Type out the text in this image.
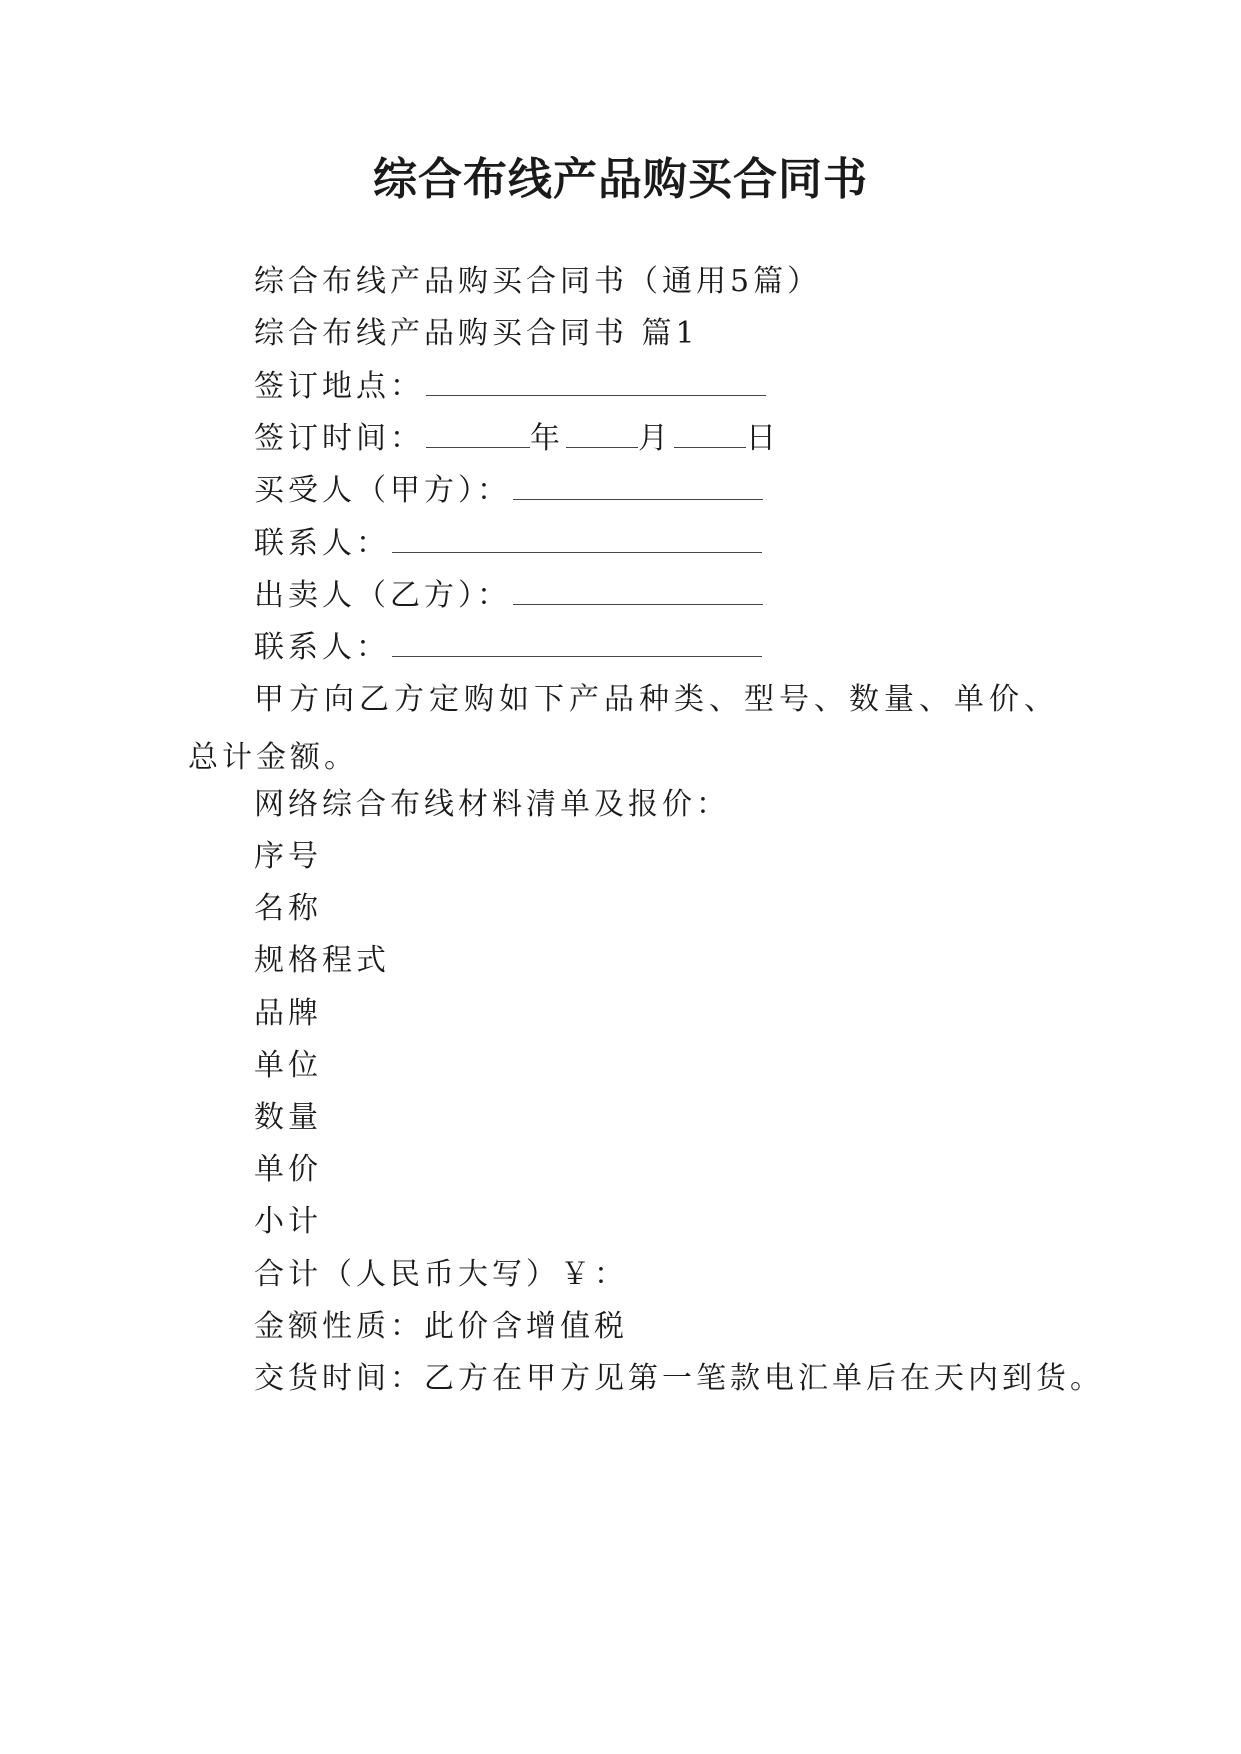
综合布线产品购买合同书
综合布线产品购买合同书（通用5篇）
综合布线产品购买合同书 篇1
签订地点：
签订时间：	年 月 日
买受人（甲方）：
联系人：
出卖人（乙方）：
联系人：
甲方向乙方定购如下产品种类、型号、数量、单价、总计金额。
网络综合布线材料清单及报价：
序号
名称
规格程式
品牌
单位
数量
单价
小计
合计（人民币大写）￥：
金额性质：此价含增值税
交货时间：乙方在甲方见第一笔款电汇单后在天内到货。
